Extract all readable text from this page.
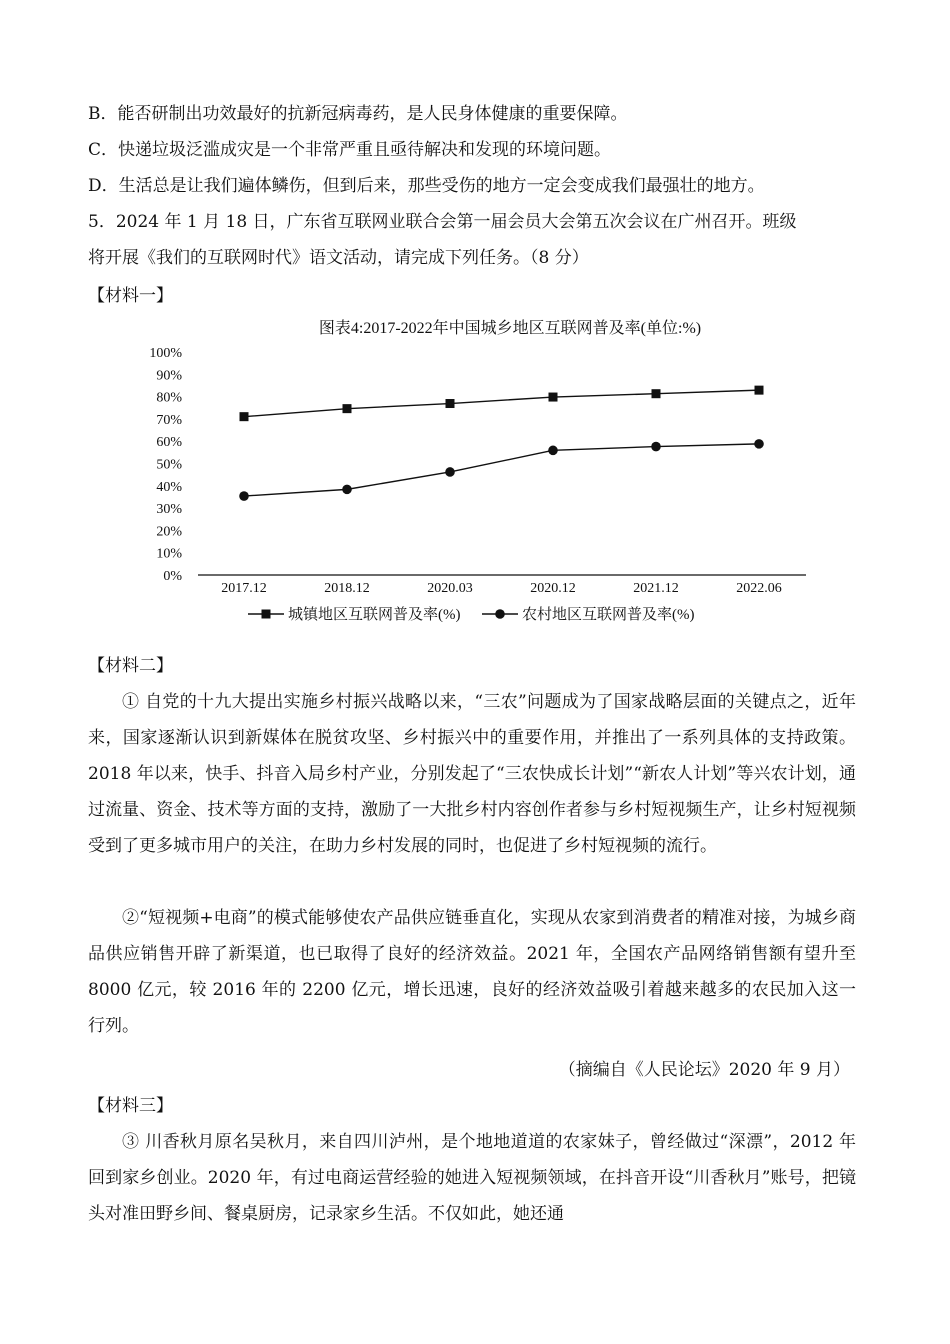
B．能否研制出功效最好的抗新冠病毒药，是人民身体健康的重要保障。
C．快递垃圾泛滥成灾是一个非常严重且亟待解决和发现的环境问题。
D．生活总是让我们遍体鳞伤，但到后来，那些受伤的地方一定会变成我们最强壮的地方。
5．2024 年 1 月 18 日，广东省互联网业联合会第一届会员大会第五次会议在广州召开。班级
将开展《我们的互联网时代》语文活动，请完成下列任务。（8 分）
【材料一】
图表4:2017-2022年中国城乡地区互联网普及率(单位:%)
0%
10%
20%
30%
40%
50%
60%
70%
80%
90%
100%
2017.12	2018.12	2020.03	2020.12	2021.12	2022.06
城镇地区互联网普及率(%)	农村地区互联网普及率(%)
【材料二】
① 自党的十九大提出实施乡村振兴战略以来，“三农”问题成为了国家战略层面的关键点之，近年来，国家逐渐认识到新媒体在脱贫攻坚、乡村振兴中的重要作用，并推出了一系列具体的支持政策。2018 年以来，快手、抖音入局乡村产业，分别发起了“三农快成长计划”“新农人计划”等兴农计划，通过流量、资金、技术等方面的支持，激励了一大批乡村内容创作者参与乡村短视频生产，让乡村短视频受到了更多城市用户的关注，在助力乡村发展的同时，也促进了乡村短视频的流行。
②“短视频+电商”的模式能够使农产品供应链垂直化，实现从农家到消费者的精准对接，为城乡商品供应销售开辟了新渠道，也已取得了良好的经济效益。2021 年，全国农产品网络销售额有望升至 8000 亿元，较 2016 年的 2200 亿元，增长迅速，良好的经济效益吸引着越来越多的农民加入这一行列。
（摘编自《人民论坛》2020 年 9 月）
【材料三】
③ 川香秋月原名吴秋月，来自四川泸州，是个地地道道的农家妹子，曾经做过“深漂”，2012 年回到家乡创业。2020 年，有过电商运营经验的她进入短视频领域，在抖音开设“川香秋月”账号，把镜头对准田野乡间、餐桌厨房，记录家乡生活。不仅如此，她还通
